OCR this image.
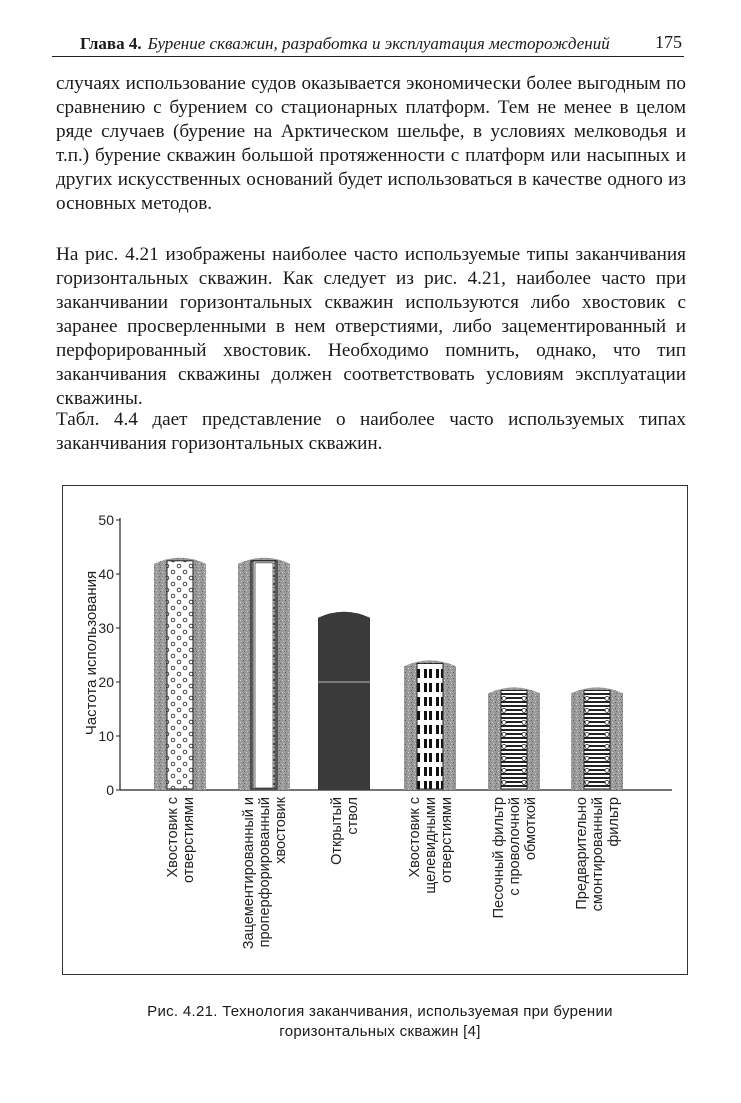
Глава 4. Бурение скважин, разработка и эксплуатация месторождений	175

случаях использование судов оказывается экономически более выгодным по сравнению с бурением со стационарных платформ. Тем не менее в целом ряде случаев (бурение на Арктическом шельфе, в условиях мелководья и т.п.) бурение скважин большой протяженности с платформ или насыпных и других искусственных оснований будет использоваться в качестве одного из основных методов.

На рис. 4.21 изображены наиболее часто используемые типы заканчивания горизонтальных скважин. Как следует из рис. 4.21, наиболее часто при заканчивании горизонтальных скважин используются либо хвостовик с заранее просверленными в нем отверстиями, либо зацементированный и перфорированный хвостовик. Необходимо помнить, однако, что тип заканчивания скважины должен соответствовать условиям эксплуатации скважины.

Табл. 4.4 дает представление о наиболее часто используемых типах заканчивания горизонтальных скважин.

Частота использования
0
10
20
30
40
50
Хвостовик с отверстиями	Зацементированный и проперфорированный хвостовик	Открытый ствол	Хвостовик с щелевидными отверстиями Песочный фильтр с проволочной обмоткой Предварительно смонтированный фильтр
Рис. 4.21. Технология заканчивания, используемая при бурении
горизонтальных скважин [4]
